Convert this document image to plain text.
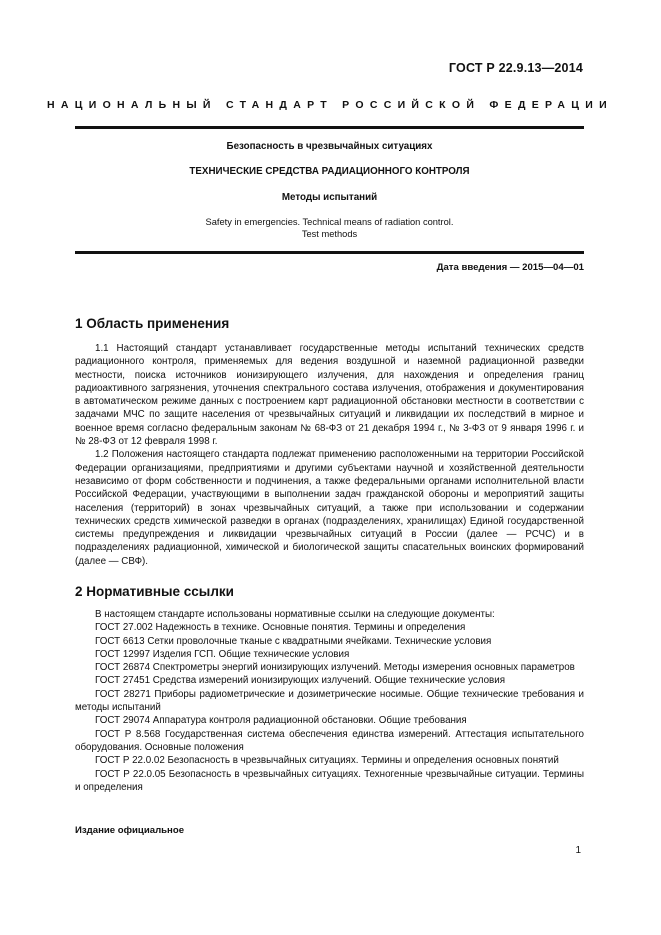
ГОСТ Р 22.9.13—2014
НАЦИОНАЛЬНЫЙ СТАНДАРТ РОССИЙСКОЙ ФЕДЕРАЦИИ
Безопасность в чрезвычайных ситуациях
ТЕХНИЧЕСКИЕ СРЕДСТВА РАДИАЦИОННОГО КОНТРОЛЯ
Методы испытаний
Safety in emergencies. Technical means of radiation control.
Test methods
Дата введения — 2015—04—01
1 Область применения

1.1 Настоящий стандарт устанавливает государственные методы испытаний технических средств радиационного контроля, применяемых для ведения воздушной и наземной радиационной разведки местности, поиска источников ионизирующего излучения, для нахождения и определения границ радиоактивного загрязнения, уточнения спектрального состава излучения, отображения и документирования в автоматическом режиме данных с построением карт радиационной обстановки местности в соответствии с задачами МЧС по защите населения от чрезвычайных ситуаций и ликвидации их последствий в мирное и военное время согласно федеральным законам № 68-ФЗ от 21 декабря 1994 г., № 3-ФЗ от 9 января 1996 г. и № 28-ФЗ от 12 февраля 1998 г.

1.2 Положения настоящего стандарта подлежат применению расположенными на территории Российской Федерации организациями, предприятиями и другими субъектами научной и хозяйственной деятельности независимо от форм собственности и подчинения, а также федеральными органами исполнительной власти Российской Федерации, участвующими в выполнении задач гражданской обороны и мероприятий защиты населения (территорий) в зонах чрезвычайных ситуаций, а также при использовании и содержании технических средств химической разведки в органах (подразделениях, хранилищах) Единой государственной системы предупреждения и ликвидации чрезвычайных ситуаций в России (далее — РСЧС) и в подразделениях радиационной, химической и биологической защиты спасательных воинских формирований (далее — СВФ).

2 Нормативные ссылки

В настоящем стандарте использованы нормативные ссылки на следующие документы:

ГОСТ 27.002 Надежность в технике. Основные понятия. Термины и определения

ГОСТ 6613 Сетки проволочные тканые с квадратными ячейками. Технические условия

ГОСТ 12997 Изделия ГСП. Общие технические условия

ГОСТ 26874 Спектрометры энергий ионизирующих излучений. Методы измерения основных параметров

ГОСТ 27451 Средства измерений ионизирующих излучений. Общие технические условия

ГОСТ 28271 Приборы радиометрические и дозиметрические носимые. Общие технические требования и методы испытаний

ГОСТ 29074 Аппаратура контроля радиационной обстановки. Общие требования

ГОСТ Р 8.568 Государственная система обеспечения единства измерений. Аттестация испытательного оборудования. Основные положения

ГОСТ Р 22.0.02 Безопасность в чрезвычайных ситуациях. Термины и определения основных понятий

ГОСТ Р 22.0.05 Безопасность в чрезвычайных ситуациях. Техногенные чрезвычайные ситуации. Термины и определения

Издание официальное
1
